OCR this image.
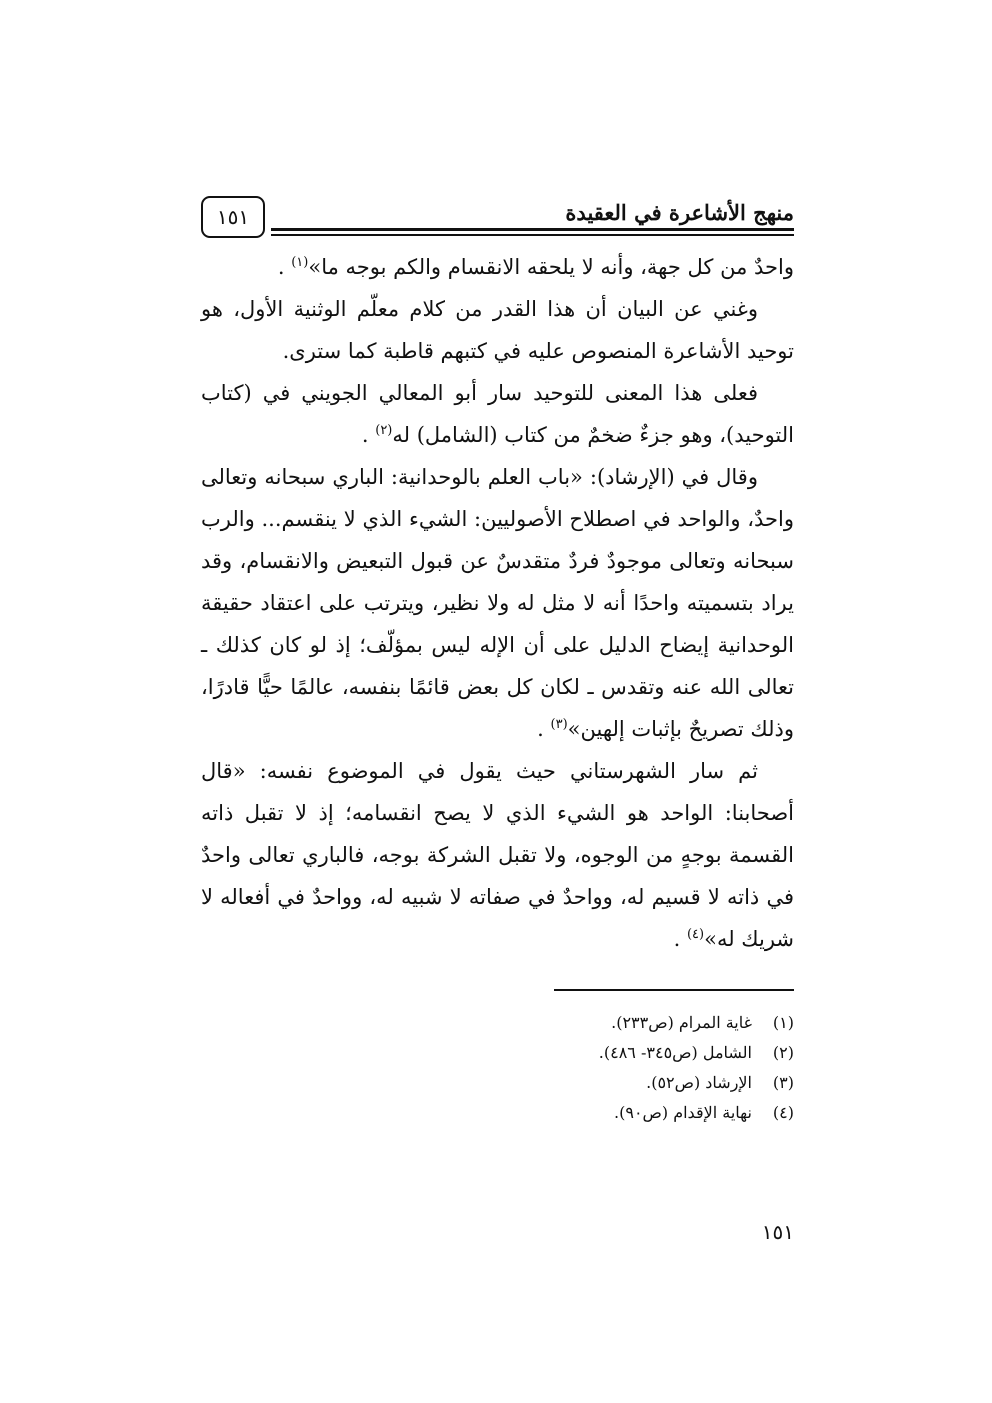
١٥١	منهج الأشاعرة في العقيدة

واحدٌ من كل جهة، وأنه لا يلحقه الانقسام والكم بوجه ما»$^{(١)}$ .

وغني عن البيان أن هذا القدر من كلام معلّم الوثنية الأول، هو توحيد الأشاعرة المنصوص عليه في كتبهم قاطبة كما سترى.

فعلى هذا المعنى للتوحيد سار أبو المعالي الجويني في (كتاب التوحيد)، وهو جزءٌ ضخمٌ من كتاب (الشامل) له$^{(٢)}$ .

وقال في (الإرشاد): «باب العلم بالوحدانية: الباري سبحانه وتعالى واحدٌ، والواحد في اصطلاح الأصوليين: الشيء الذي لا ينقسم... والرب سبحانه وتعالى موجودٌ فردٌ متقدسٌ عن قبول التبعيض والانقسام، وقد يراد بتسميته واحدًا أنه لا مثل له ولا نظير، ويترتب على اعتقاد حقيقة الوحدانية إيضاح الدليل على أن الإله ليس بمؤلّف؛ إذ لو كان كذلك ـ تعالى الله عنه وتقدس ـ لكان كل بعض قائمًا بنفسه، عالمًا حيًّا قادرًا، وذلك تصريحٌ بإثبات إلهين»$^{(٣)}$ .

ثم سار الشهرستاني حيث يقول في الموضوع نفسه: «قال أصحابنا: الواحد هو الشيء الذي لا يصح انقسامه؛ إذ لا تقبل ذاته القسمة بوجهٍ من الوجوه، ولا تقبل الشركة بوجه، فالباري تعالى واحدٌ في ذاته لا قسيم له، وواحدٌ في صفاته لا شبيه له، وواحدٌ في أفعاله لا شريك له»$^{(٤)}$ .

(١)
غاية المرام (ص٢٣٣).
(٢)
الشامل (ص٣٤٥- ٤٨٦).
(٣)
الإرشاد (ص٥٢).
(٤)
نهاية الإقدام (ص٩٠).
١٥١
